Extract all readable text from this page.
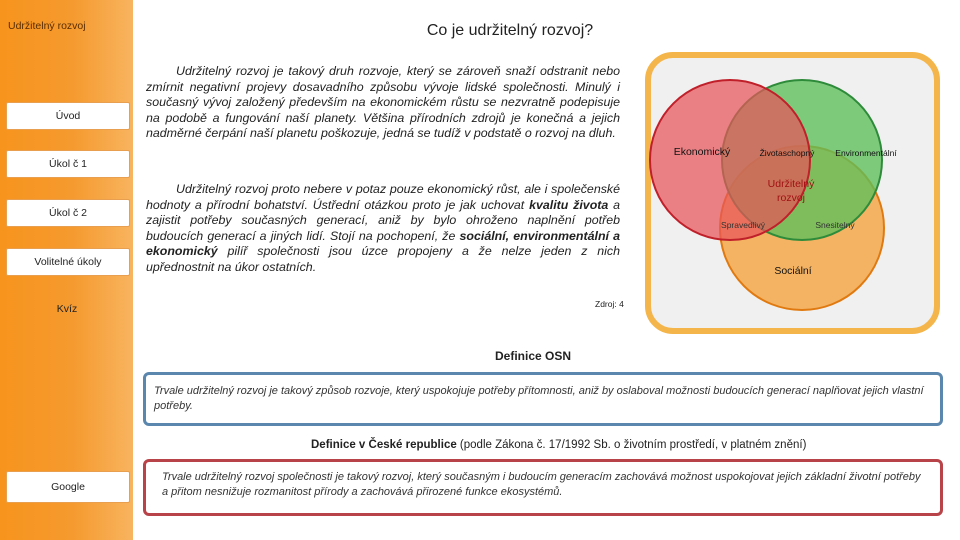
Udržitelný rozvoj
Úvod
Úkol č 1
Úkol č 2
Volitelné úkoly
Kvíz
Google
Co je udržitelný rozvoj?
Udržitelný rozvoj je takový druh rozvoje, který se zároveň snaží odstranit nebo zmírnit negativní projevy dosavadního způsobu vývoje lidské společnosti. Minulý i současný vývoj založený především na ekonomickém růstu se nezvratně podepisuje na podobě a fungování naší planety. Většina přírodních zdrojů je konečná a jejich nadměrné čerpání naší planetu poškozuje, jedná se tudíž v podstatě o rozvoj na dluh.
Udržitelný rozvoj proto nebere v potaz pouze ekonomický růst, ale i společenské hodnoty a přírodní bohatství. Ústřední otázkou proto je jak uchovat kvalitu života a zajistit potřeby současných generací, aniž by bylo ohroženo naplnění potřeb budoucích generací a jiných lidí. Stojí na pochopení, že sociální, environmentální a ekonomický pilíř společnosti jsou úzce propojeny a že nelze jeden z nich upřednostnit na úkor ostatních.
Ekonomický	Životaschopný Environmentální
Udržitelný
rozvoj
Spravedlivý	Snesitelný
Sociální
Zdroj: 4
Definice OSN
Trvale udržitelný rozvoj je takový způsob rozvoje, který uspokojuje potřeby přítomnosti, aniž by oslaboval možnosti budoucích generací naplňovat jejich vlastní potřeby.
Definice v České republice (podle Zákona č. 17/1992 Sb. o životním prostředí, v platném znění)
Trvale udržitelný rozvoj společnosti je takový rozvoj, který současným i budoucím generacím zachovává možnost uspokojovat jejich základní životní potřeby a přitom nesnižuje rozmanitost přírody a zachovává přirozené funkce ekosystémů.
